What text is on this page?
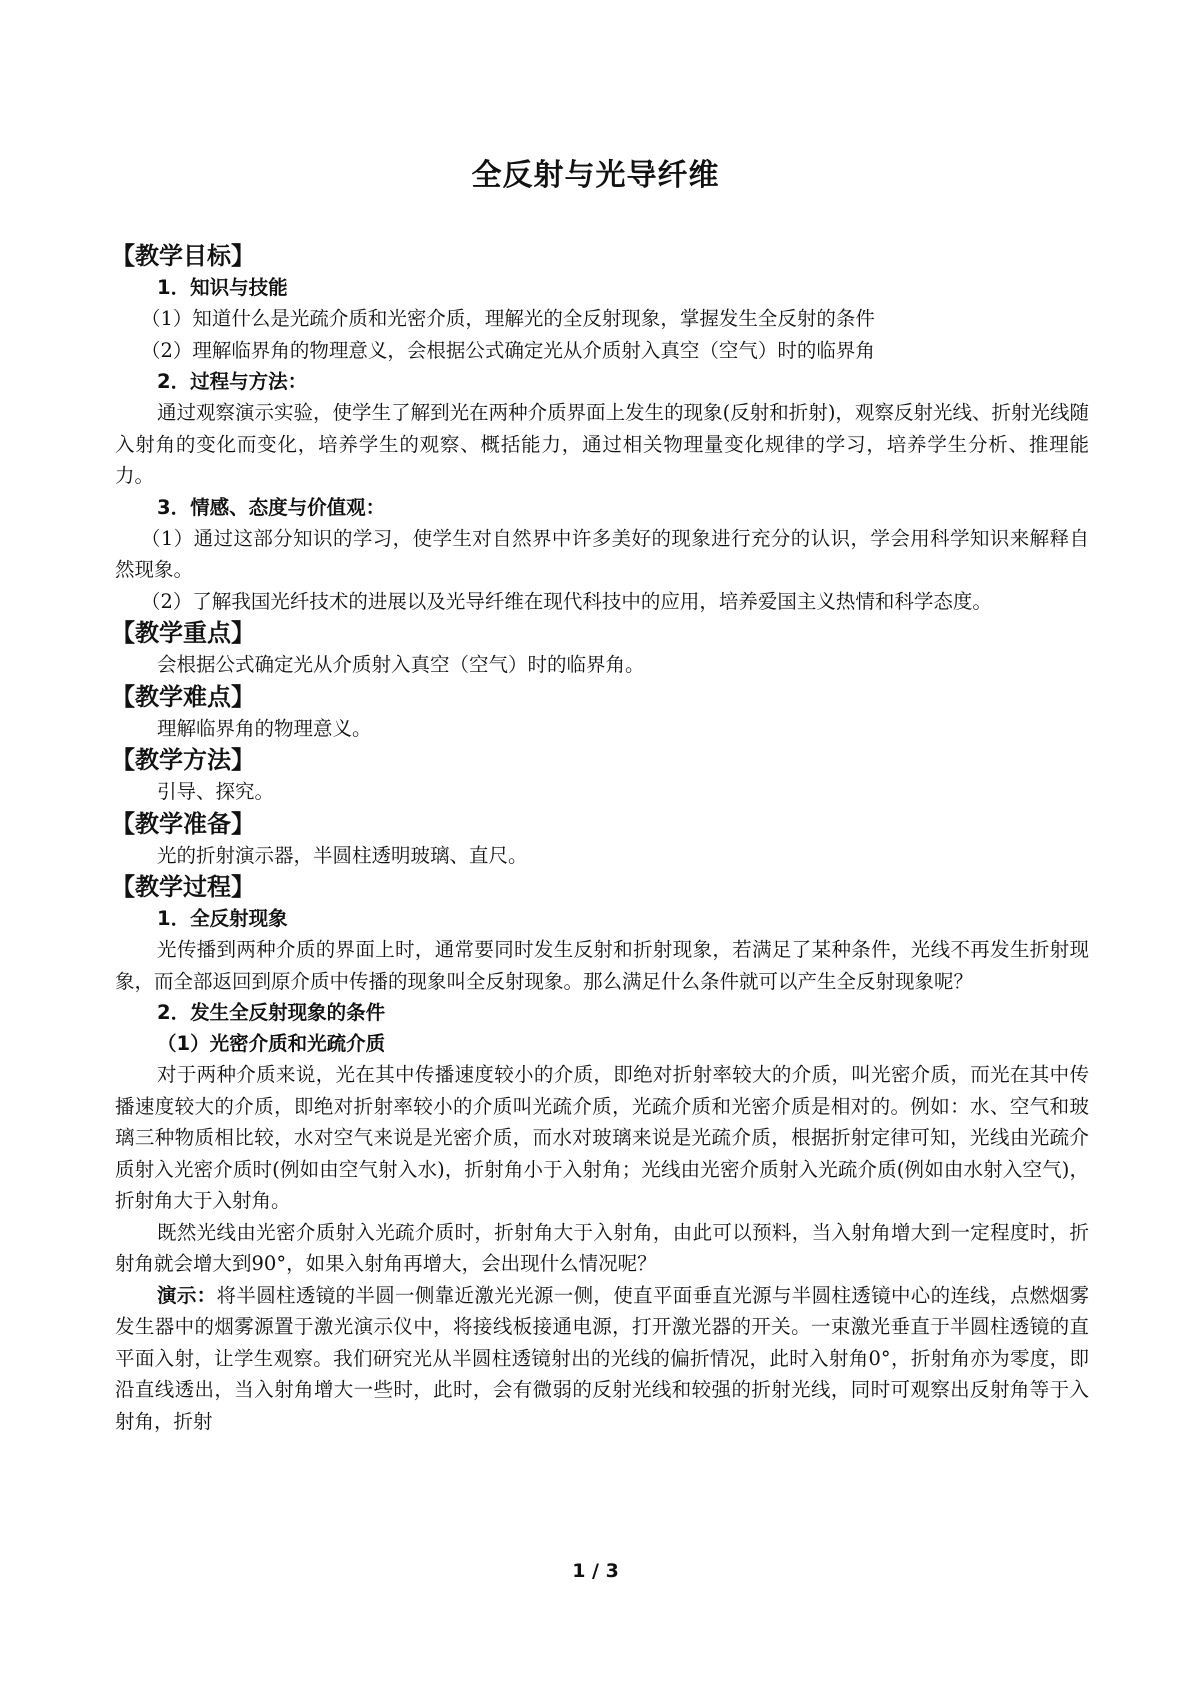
全反射与光导纤维
【教学目标】
1．知识与技能

（1）知道什么是光疏介质和光密介质，理解光的全反射现象，掌握发生全反射的条件

（2）理解临界角的物理意义，会根据公式确定光从介质射入真空（空气）时的临界角

2．过程与方法：

通过观察演示实验，使学生了解到光在两种介质界面上发生的现象(反射和折射)，观察反射光线、折射光线随入射角的变化而变化，培养学生的观察、概括能力，通过相关物理量变化规律的学习，培养学生分析、推理能力。

3．情感、态度与价值观：

（1）通过这部分知识的学习，使学生对自然界中许多美好的现象进行充分的认识，学会用科学知识来解释自然现象。

（2）了解我国光纤技术的进展以及光导纤维在现代科技中的应用，培养爱国主义热情和科学态度。

【教学重点】

会根据公式确定光从介质射入真空（空气）时的临界角。

【教学难点】

理解临界角的物理意义。

【教学方法】

引导、探究。

【教学准备】

光的折射演示器，半圆柱透明玻璃、直尺。

【教学过程】
1．全反射现象

光传播到两种介质的界面上时，通常要同时发生反射和折射现象，若满足了某种条件，光线不再发生折射现象，而全部返回到原介质中传播的现象叫全反射现象。那么满足什么条件就可以产生全反射现象呢？

2．发生全反射现象的条件
（1）光密介质和光疏介质

对于两种介质来说，光在其中传播速度较小的介质，即绝对折射率较大的介质，叫光密介质，而光在其中传播速度较大的介质，即绝对折射率较小的介质叫光疏介质，光疏介质和光密介质是相对的。例如：水、空气和玻璃三种物质相比较，水对空气来说是光密介质，而水对玻璃来说是光疏介质，根据折射定律可知，光线由光疏介质射入光密介质时(例如由空气射入水)，折射角小于入射角；光线由光密介质射入光疏介质(例如由水射入空气)，折射角大于入射角。

既然光线由光密介质射入光疏介质时，折射角大于入射角，由此可以预料，当入射角增大到一定程度时，折射角就会增大到90°，如果入射角再增大，会出现什么情况呢？

演示：将半圆柱透镜的半圆一侧靠近激光光源一侧，使直平面垂直光源与半圆柱透镜中心的连线，点燃烟雾发生器中的烟雾源置于激光演示仪中，将接线板接通电源，打开激光器的开关。一束激光垂直于半圆柱透镜的直平面入射，让学生观察。我们研究光从半圆柱透镜射出的光线的偏折情况，此时入射角0°，折射角亦为零度，即沿直线透出，当入射角增大一些时，此时，会有微弱的反射光线和较强的折射光线，同时可观察出反射角等于入射角，折射

1 / 3
